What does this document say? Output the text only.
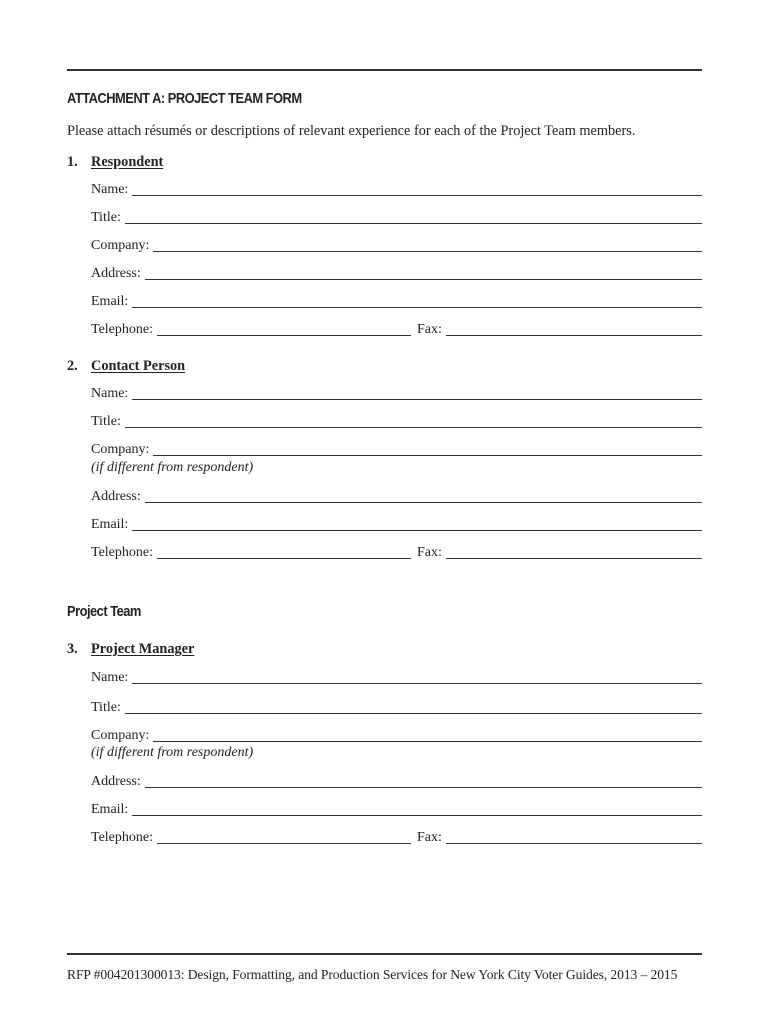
ATTACHMENT A: PROJECT TEAM FORM
Please attach résumés or descriptions of relevant experience for each of the Project Team members.
1. Respondent
Name:
Title:
Company:
Address:
Email:
Telephone:	Fax:
2. Contact Person
Name:
Title:
Company:
(if different from respondent)
Address:
Email:
Telephone:	Fax:
Project Team
3. Project Manager
Name:
Title:
Company:
(if different from respondent)
Address:
Email:
Telephone:	Fax:
RFP #004201300013: Design, Formatting, and Production Services for New York City Voter Guides, 2013 – 2015
